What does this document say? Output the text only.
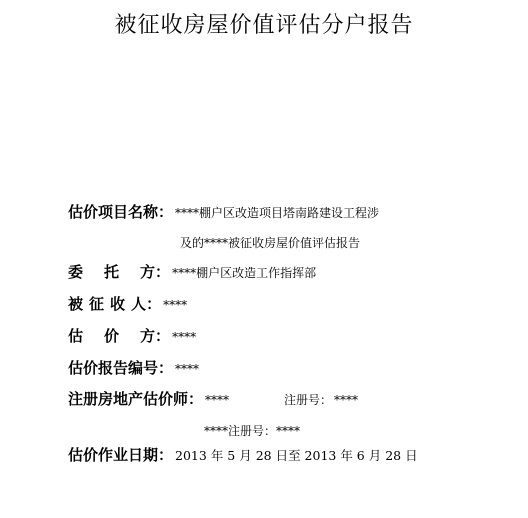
被征收房屋价值评估分户报告
估价项目名称： ****棚户区改造项目塔南路建设工程涉
及的****被征收房屋价值评估报告
委 托 方： ****棚户区改造工作指挥部
被 征 收 人： ****
估 价 方： ****
估价报告编号： ****
注册房地产估价师： ****	注册号： ****
****注册号：****
估价作业日期： 2013 年 5 月 28 日至 2013 年 6 月 28 日
